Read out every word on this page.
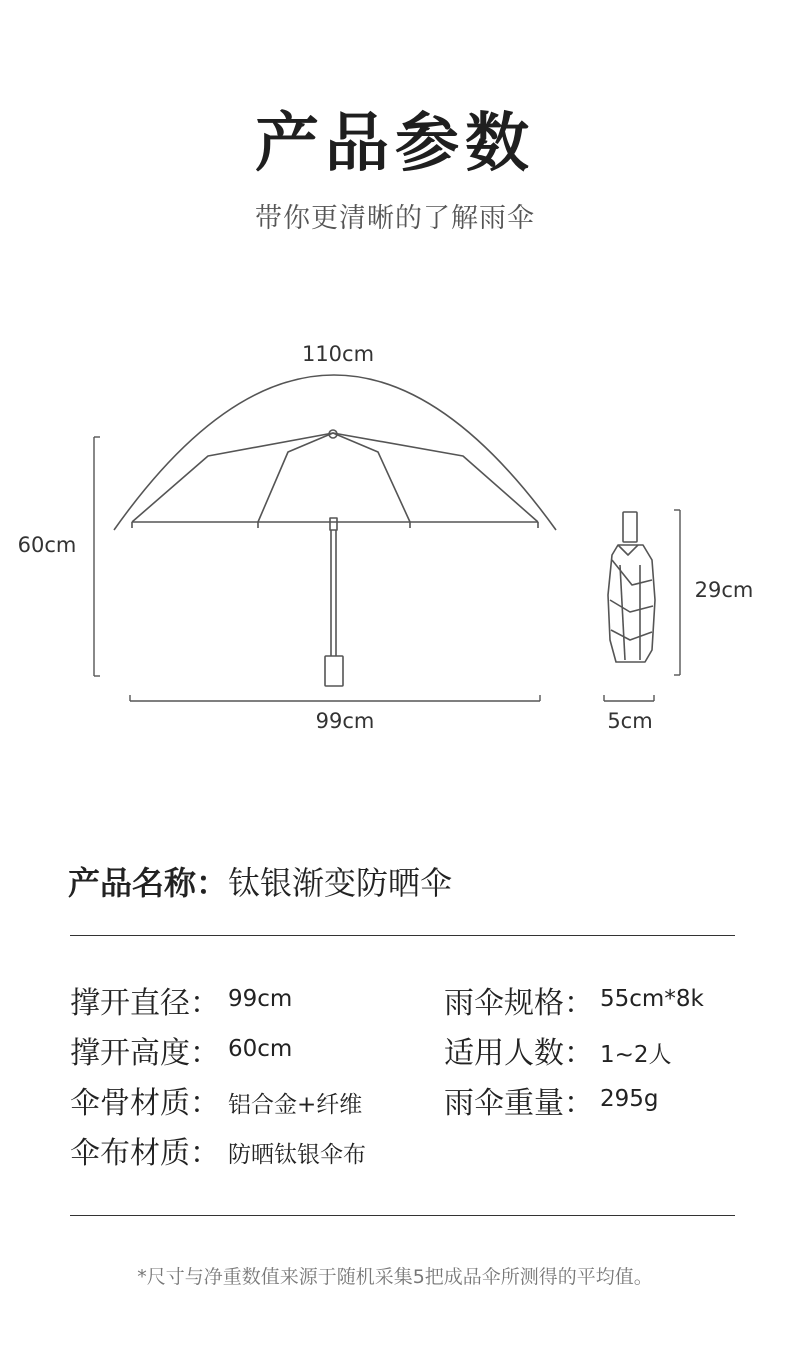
产品参数
带你更清晰的了解雨伞
110cm
60cm
99cm
29cm
5cm
产品名称：钛银渐变防晒伞
撑开直径： 99cm
撑开高度： 60cm
伞骨材质： 铝合金+纤维
伞布材质： 防晒钛银伞布
雨伞规格： 55cm*8k
适用人数： 1~2人
雨伞重量： 295g
*尺寸与净重数值来源于随机采集5把成品伞所测得的平均值。
